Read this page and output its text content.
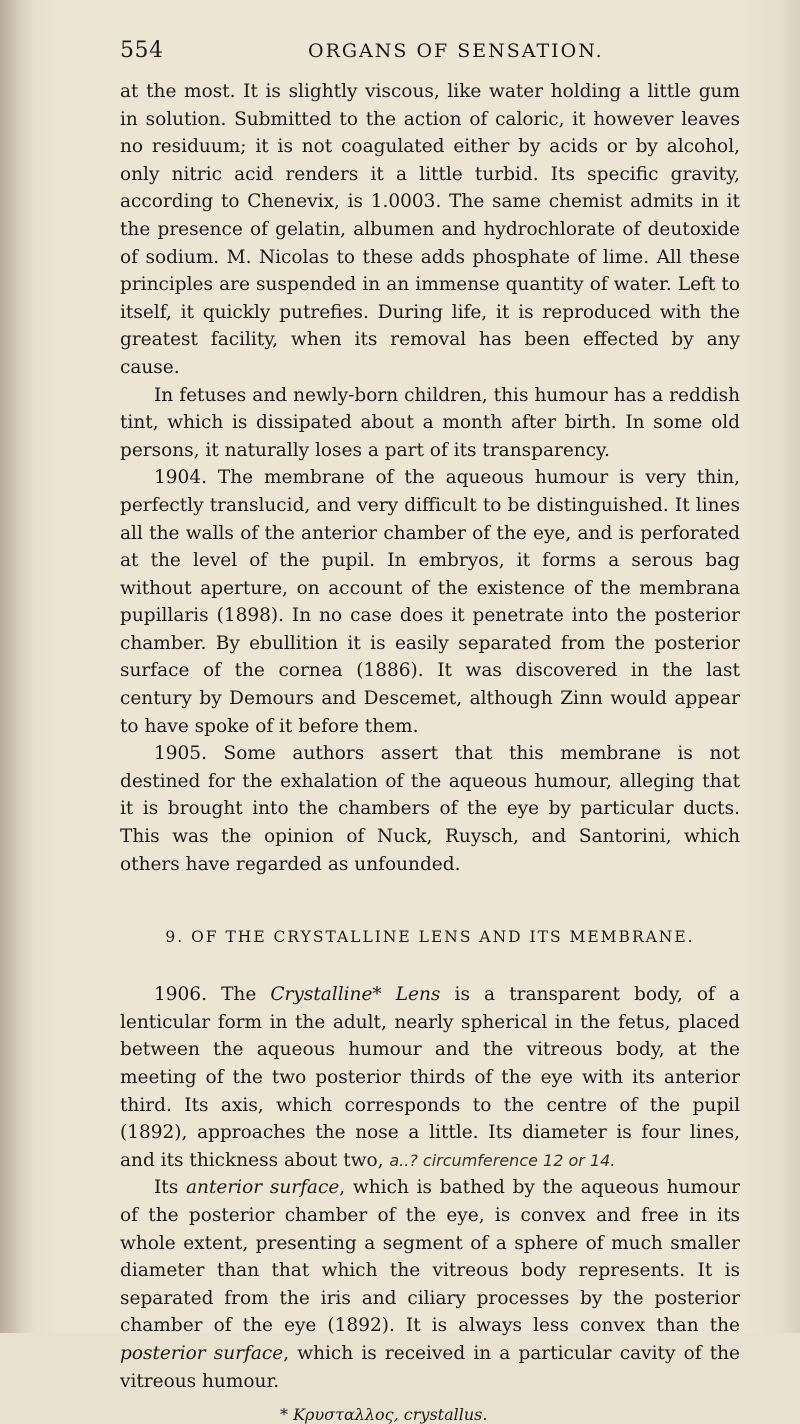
554	ORGANS OF SENSATION.

at the most. It is slightly viscous, like water holding a little gum in solution. Submitted to the action of caloric, it however leaves no residuum; it is not coagulated either by acids or by alcohol, only nitric acid renders it a little turbid. Its specific gravity, according to Chenevix, is 1.0003. The same chemist admits in it the presence of gelatin, albumen and hydrochlorate of deutoxide of sodium. M. Nicolas to these adds phosphate of lime. All these principles are suspended in an immense quantity of water. Left to itself, it quickly putrefies. During life, it is reproduced with the greatest facility, when its removal has been effected by any cause.

In fetuses and newly-born children, this humour has a reddish tint, which is dissipated about a month after birth. In some old persons, it naturally loses a part of its transparency.

1904. The membrane of the aqueous humour is very thin, perfectly translucid, and very difficult to be distinguished. It lines all the walls of the anterior chamber of the eye, and is perforated at the level of the pupil. In embryos, it forms a serous bag without aperture, on account of the existence of the membrana pupillaris (1898). In no case does it penetrate into the posterior chamber. By ebullition it is easily separated from the posterior surface of the cornea (1886). It was discovered in the last century by Demours and Descemet, although Zinn would appear to have spoke of it before them.

1905. Some authors assert that this membrane is not destined for the exhalation of the aqueous humour, alleging that it is brought into the chambers of the eye by particular ducts. This was the opinion of Nuck, Ruysch, and Santorini, which others have regarded as unfounded.

9. OF THE CRYSTALLINE LENS AND ITS MEMBRANE.

1906. The Crystalline* Lens is a transparent body, of a lenticular form in the adult, nearly spherical in the fetus, placed between the aqueous humour and the vitreous body, at the meeting of the two posterior thirds of the eye with its anterior third. Its axis, which corresponds to the centre of the pupil (1892), approaches the nose a little. Its diameter is four lines, and its thickness about two, a..? circumference 12 or 14.

Its anterior surface, which is bathed by the aqueous humour of the posterior chamber of the eye, is convex and free in its whole extent, presenting a segment of a sphere of much smaller diameter than that which the vitreous body represents. It is separated from the iris and ciliary processes by the posterior chamber of the eye (1892). It is always less convex than the posterior surface, which is received in a particular cavity of the vitreous humour.

* Κρυσταλλος, crystallus.
